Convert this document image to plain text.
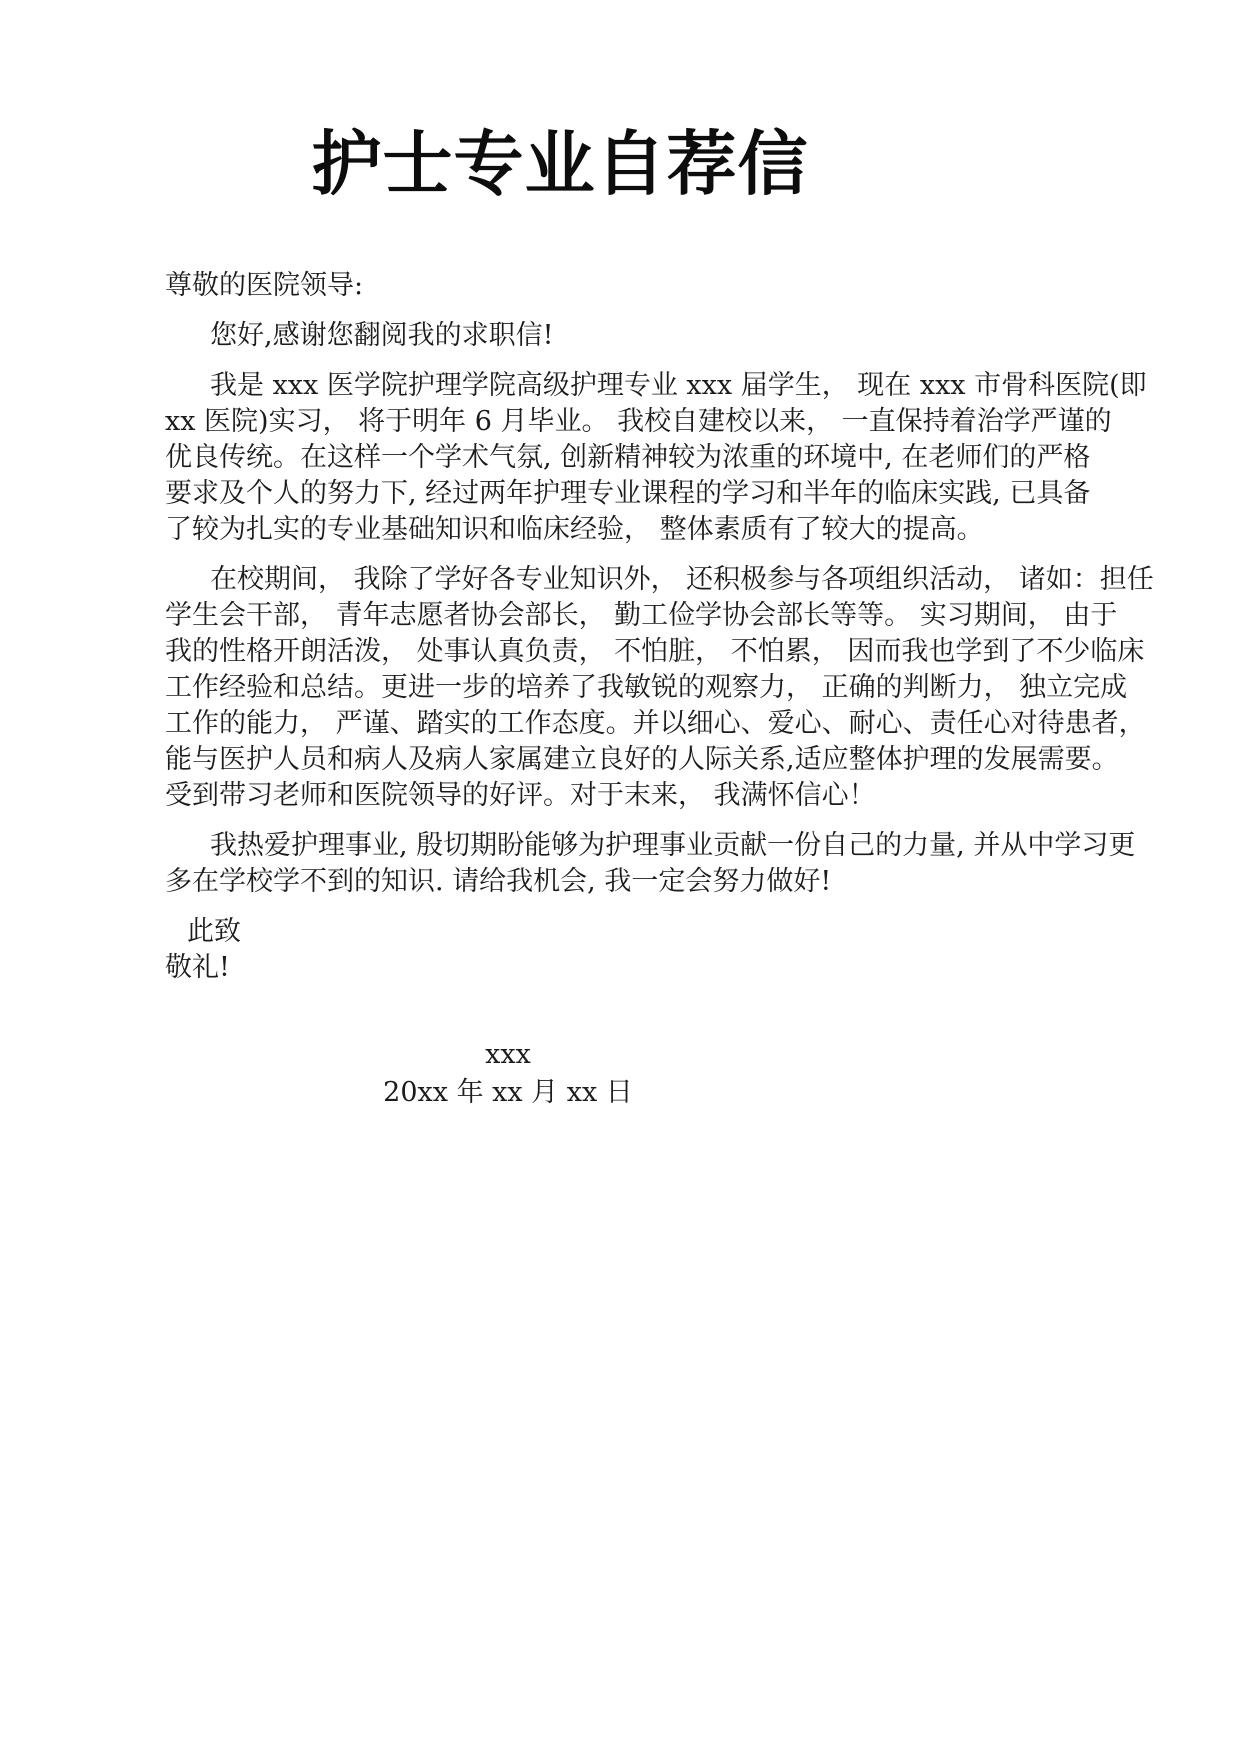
护士专业自荐信
尊敬的医院领导:
您好,感谢您翻阅我的求职信!
我是 xxx 医学院护理学院高级护理专业 xxx 届学生， 现在 xxx 市骨科医院(即
xx 医院)实习， 将于明年 6 月毕业。 我校自建校以来， 一直保持着治学严谨的
优良传统。在这样一个学术气氛, 创新精神较为浓重的环境中, 在老师们的严格
要求及个人的努力下, 经过两年护理专业课程的学习和半年的临床实践, 已具备
了较为扎实的专业基础知识和临床经验， 整体素质有了较大的提高。
在校期间， 我除了学好各专业知识外， 还积极参与各项组织活动， 诸如：担任
学生会干部， 青年志愿者协会部长， 勤工俭学协会部长等等。 实习期间， 由于
我的性格开朗活泼， 处事认真负责， 不怕脏， 不怕累， 因而我也学到了不少临床
工作经验和总结。更进一步的培养了我敏锐的观察力， 正确的判断力， 独立完成
工作的能力， 严谨、踏实的工作态度。并以细心、爱心、耐心、责任心对待患者，
能与医护人员和病人及病人家属建立良好的人际关系,适应整体护理的发展需要。
受到带习老师和医院领导的好评。对于末来， 我满怀信心！
我热爱护理事业, 殷切期盼能够为护理事业贡献一份自己的力量, 并从中学习更
多在学校学不到的知识. 请给我机会, 我一定会努力做好!
此致
敬礼!
xxx
20xx 年 xx 月 xx 日
